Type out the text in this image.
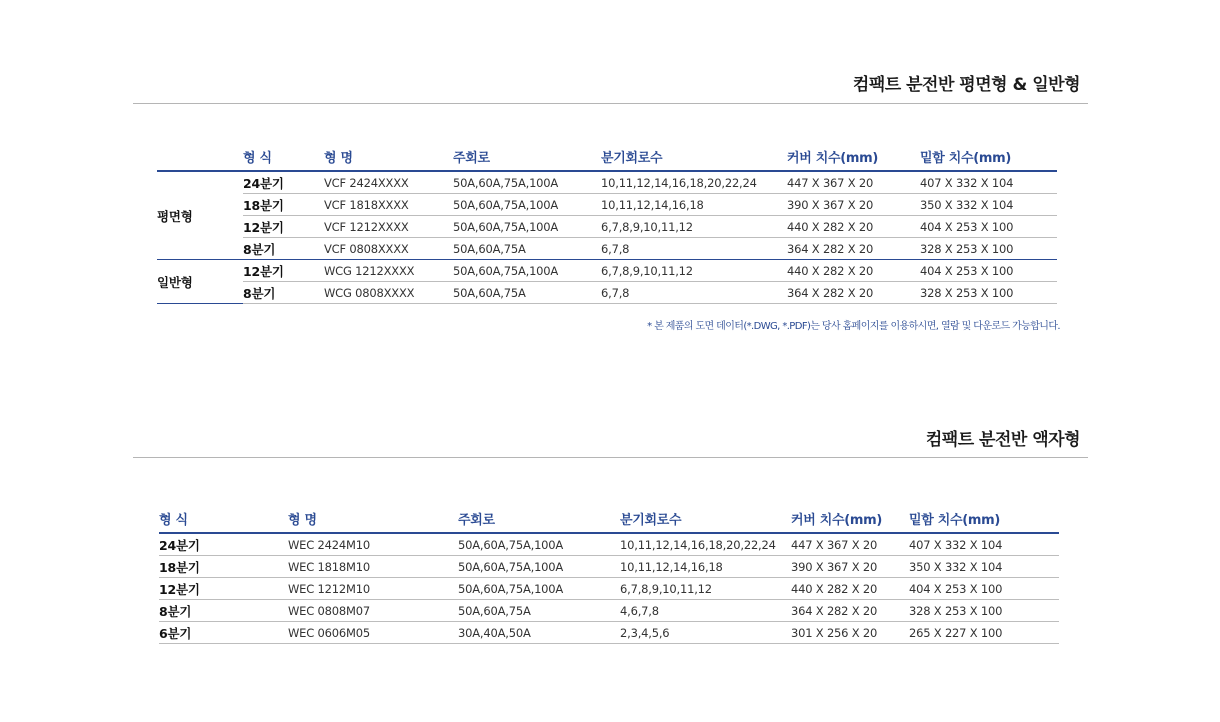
컴팩트 분전반 평면형 & 일반형
	형 식	형 명	주회로	분기회로수	커버 치수(mm)	밑함 치수(mm)
평면형	24분기	VCF 2424XXXX	50A,60A,75A,100A	10,11,12,14,16,18,20,22,24	447 X 367 X 20	407 X 332 X 104
	18분기	VCF 1818XXXX	50A,60A,75A,100A	10,11,12,14,16,18	390 X 367 X 20	350 X 332 X 104
	12분기	VCF 1212XXXX	50A,60A,75A,100A	6,7,8,9,10,11,12	440 X 282 X 20	404 X 253 X 100
	8분기	VCF 0808XXXX	50A,60A,75A	6,7,8	364 X 282 X 20	328 X 253 X 100
일반형	12분기	WCG 1212XXXX	50A,60A,75A,100A	6,7,8,9,10,11,12	440 X 282 X 20	404 X 253 X 100
	8분기	WCG 0808XXXX	50A,60A,75A	6,7,8	364 X 282 X 20	328 X 253 X 100
* 본 제품의 도면 데이터(*.DWG, *.PDF)는 당사 홈페이지를 이용하시면, 열람 및 다운로드 가능합니다.
컴팩트 분전반 액자형
형 식	형 명	주회로	분기회로수	커버 치수(mm)	밑함 치수(mm)
24분기	WEC 2424M10	50A,60A,75A,100A	10,11,12,14,16,18,20,22,24	447 X 367 X 20	407 X 332 X 104
18분기	WEC 1818M10	50A,60A,75A,100A	10,11,12,14,16,18	390 X 367 X 20	350 X 332 X 104
12분기	WEC 1212M10	50A,60A,75A,100A	6,7,8,9,10,11,12	440 X 282 X 20	404 X 253 X 100
8분기	WEC 0808M07	50A,60A,75A	4,6,7,8	364 X 282 X 20	328 X 253 X 100
6분기	WEC 0606M05	30A,40A,50A	2,3,4,5,6	301 X 256 X 20	265 X 227 X 100
